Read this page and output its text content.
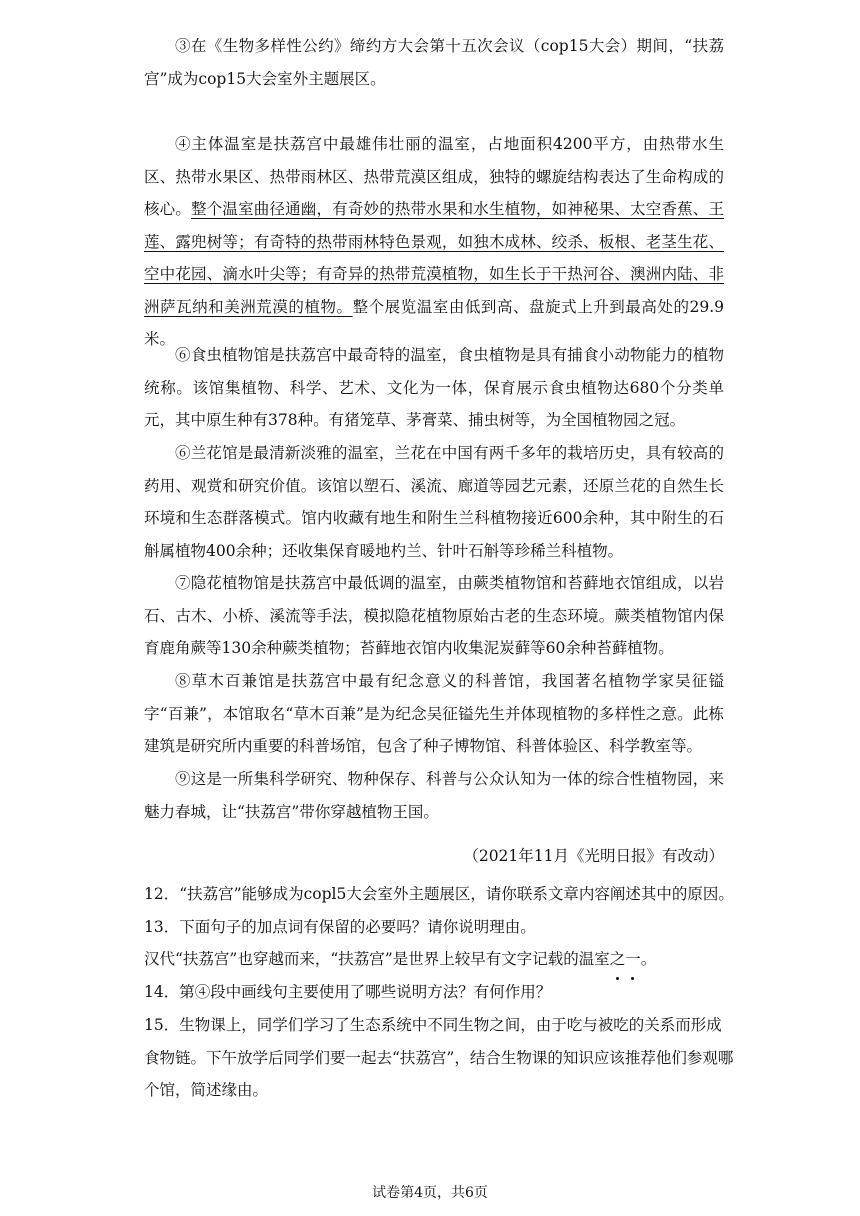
③在《生物多样性公约》缔约方大会第十五次会议（cop15大会）期间，“扶荔宫”成为cop15大会室外主题展区。

④主体温室是扶荔宫中最雄伟壮丽的温室，占地面积4200平方，由热带水生区、热带水果区、热带雨林区、热带荒漠区组成，独特的螺旋结构表达了生命构成的核心。整个温室曲径通幽，有奇妙的热带水果和水生植物，如神秘果、太空香蕉、王莲、露兜树等；有奇特的热带雨林特色景观，如独木成林、绞杀、板根、老茎生花、空中花园、滴水叶尖等；有奇异的热带荒漠植物，如生长于干热河谷、澳洲内陆、非洲萨瓦纳和美洲荒漠的植物。整个展览温室由低到高、盘旋式上升到最高处的29.9米。

⑥食虫植物馆是扶荔宫中最奇特的温室，食虫植物是具有捕食小动物能力的植物统称。该馆集植物、科学、艺术、文化为一体，保育展示食虫植物达680个分类单元，其中原生种有378种。有猪笼草、茅膏菜、捕虫树等，为全国植物园之冠。

⑥兰花馆是最清新淡雅的温室，兰花在中国有两千多年的栽培历史，具有较高的药用、观赏和研究价值。该馆以塑石、溪流、廊道等园艺元素，还原兰花的自然生长环境和生态群落模式。馆内收藏有地生和附生兰科植物接近600余种，其中附生的石斛属植物400余种；还收集保育暖地杓兰、针叶石斛等珍稀兰科植物。

⑦隐花植物馆是扶荔宫中最低调的温室，由蕨类植物馆和苔藓地衣馆组成，以岩石、古木、小桥、溪流等手法，模拟隐花植物原始古老的生态环境。蕨类植物馆内保育鹿角蕨等130余种蕨类植物；苔藓地衣馆内收集泥炭藓等60余种苔藓植物。

⑧草木百兼馆是扶荔宫中最有纪念意义的科普馆，我国著名植物学家吴征镒字“百兼”，本馆取名“草木百兼”是为纪念吴征镒先生并体现植物的多样性之意。此栋建筑是研究所内重要的科普场馆，包含了种子博物馆、科普体验区、科学教室等。

⑨这是一所集科学研究、物种保存、科普与公众认知为一体的综合性植物园，来魅力春城，让“扶荔宫”带你穿越植物王国。

（2021年11月《光明日报》有改动）

12．“扶荔宫”能够成为copl5大会室外主题展区，请你联系文章内容阐述其中的原因。

13．下面句子的加点词有保留的必要吗？请你说明理由。

汉代“扶荔宫”也穿越而来，“扶荔宫”是世界上较早有文字记载的温室之一。

14．第④段中画线句主要使用了哪些说明方法？有何作用？

15．生物课上，同学们学习了生态系统中不同生物之间，由于吃与被吃的关系而形成食物链。下午放学后同学们要一起去“扶荔宫”，结合生物课的知识应该推荐他们参观哪个馆，简述缘由。

试卷第4页，共6页
